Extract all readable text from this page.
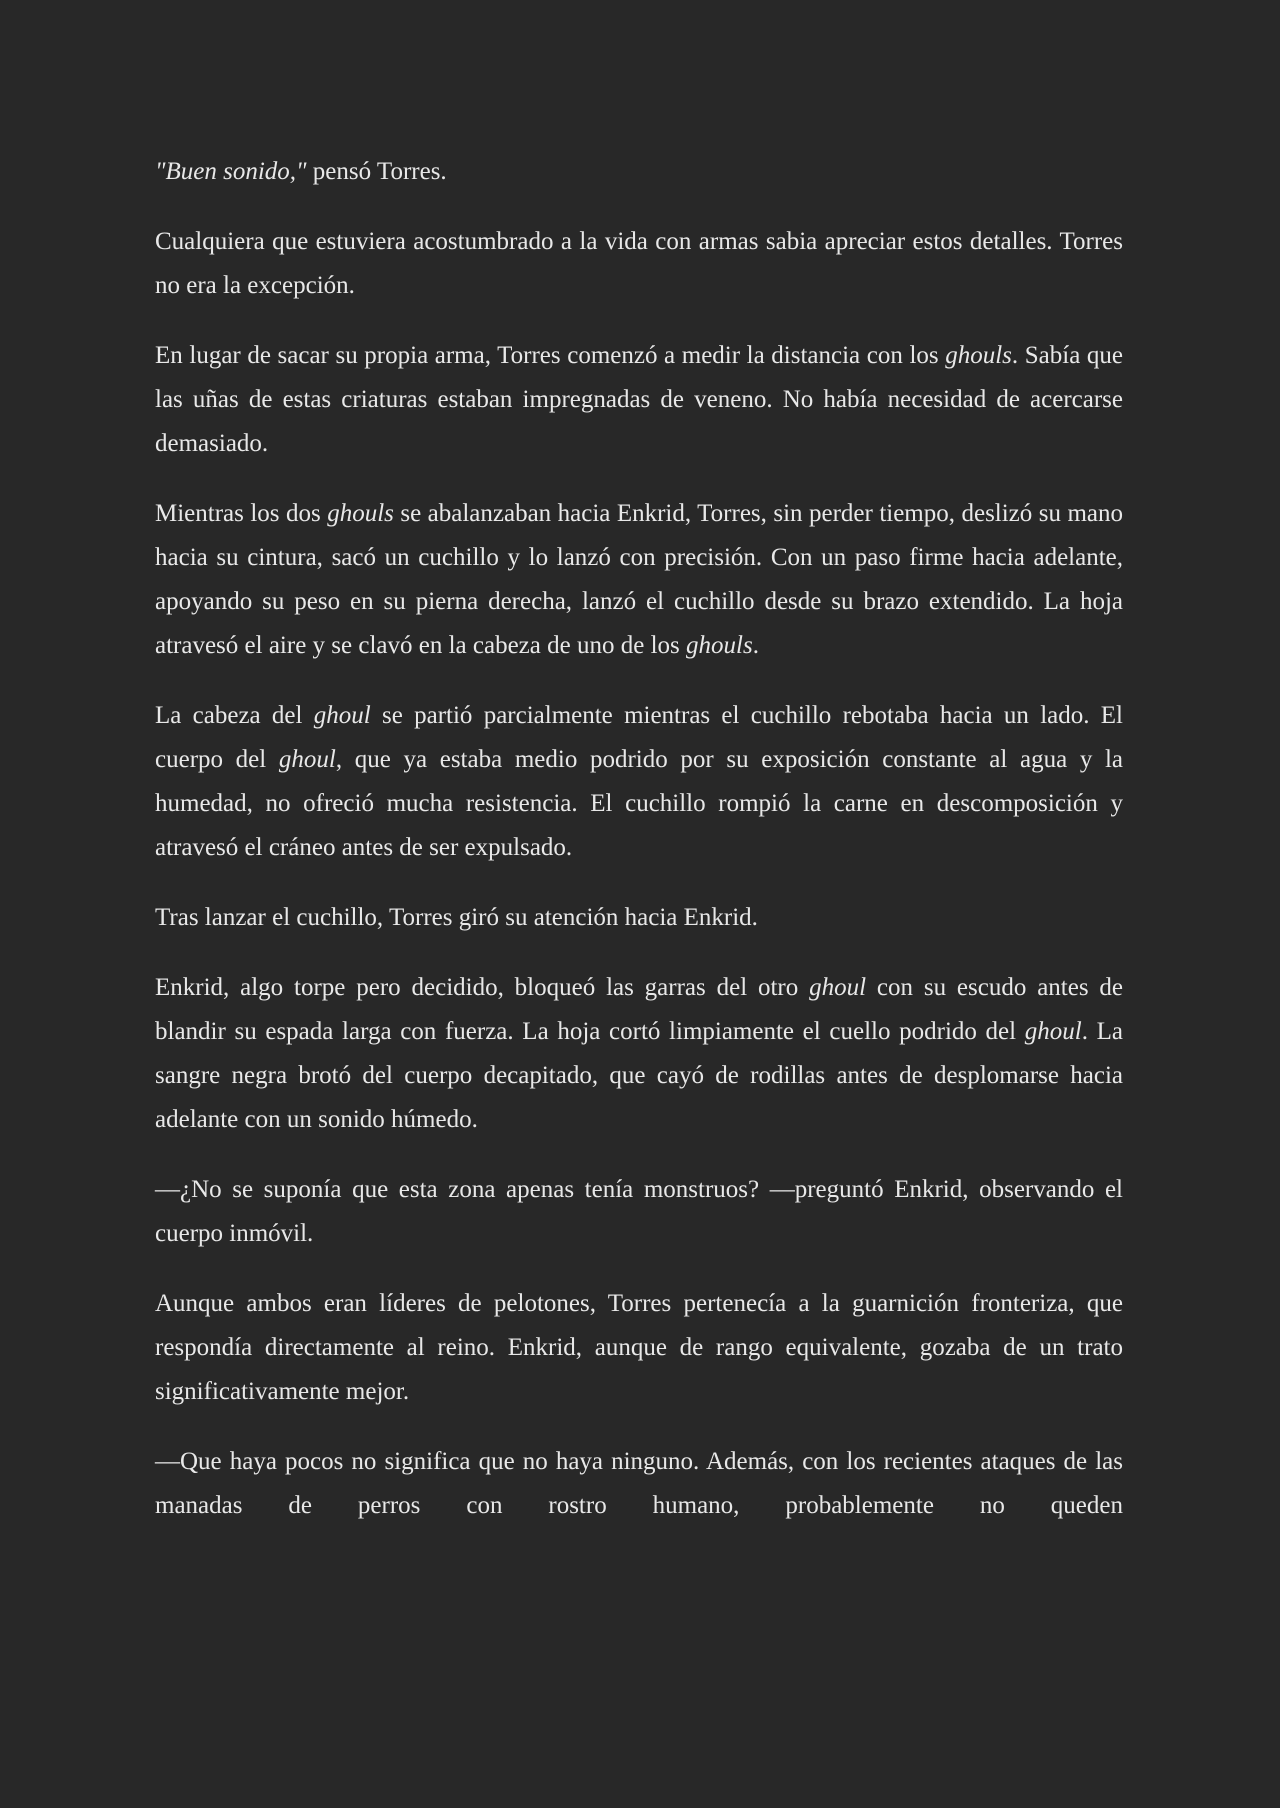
"Buen sonido," pensó Torres.

Cualquiera que estuviera acostumbrado a la vida con armas sabia apreciar estos detalles. Torres no era la excepción.

En lugar de sacar su propia arma, Torres comenzó a medir la distancia con los ghouls. Sabía que las uñas de estas criaturas estaban impregnadas de veneno. No había necesidad de acercarse demasiado.

Mientras los dos ghouls se abalanzaban hacia Enkrid, Torres, sin perder tiempo, deslizó su mano hacia su cintura, sacó un cuchillo y lo lanzó con precisión. Con un paso firme hacia adelante, apoyando su peso en su pierna derecha, lanzó el cuchillo desde su brazo extendido. La hoja atravesó el aire y se clavó en la cabeza de uno de los ghouls.

La cabeza del ghoul se partió parcialmente mientras el cuchillo rebotaba hacia un lado. El cuerpo del ghoul, que ya estaba medio podrido por su exposición constante al agua y la humedad, no ofreció mucha resistencia. El cuchillo rompió la carne en descomposición y atravesó el cráneo antes de ser expulsado.

Tras lanzar el cuchillo, Torres giró su atención hacia Enkrid.

Enkrid, algo torpe pero decidido, bloqueó las garras del otro ghoul con su escudo antes de blandir su espada larga con fuerza. La hoja cortó limpiamente el cuello podrido del ghoul. La sangre negra brotó del cuerpo decapitado, que cayó de rodillas antes de desplomarse hacia adelante con un sonido húmedo.

—¿No se suponía que esta zona apenas tenía monstruos? —preguntó Enkrid, observando el cuerpo inmóvil.

Aunque ambos eran líderes de pelotones, Torres pertenecía a la guarnición fronteriza, que respondía directamente al reino. Enkrid, aunque de rango equivalente, gozaba de un trato significativamente mejor.

—Que haya pocos no significa que no haya ninguno. Además, con los recientes ataques de las manadas de perros con rostro humano, probablemente no queden
